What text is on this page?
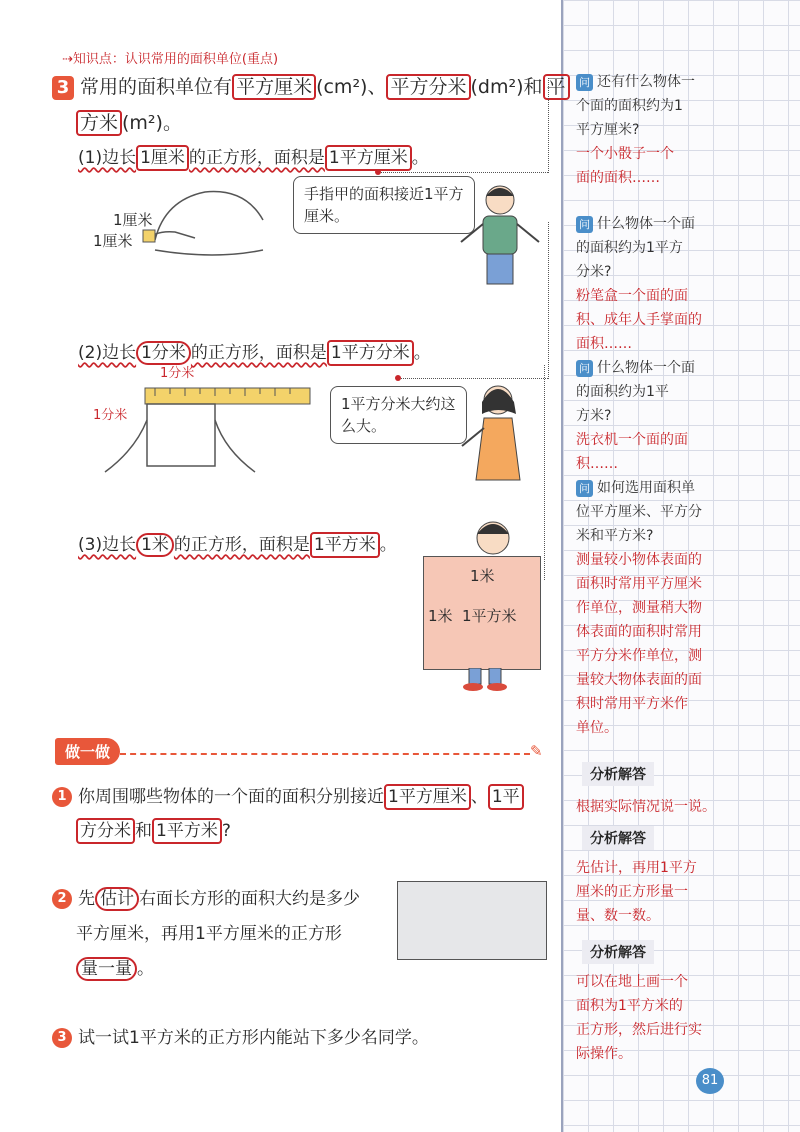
⇢知识点：认识常用的面积单位(重点)
3 常用的面积单位有 平方厘米 (cm²)、 平方分米 (dm²)和 平
方米 (m²)。
(1)边长 1厘米 的正方形，面积是 1平方厘米 。
1厘米
1厘米
手指甲的面积接近1平方厘米。
(2)边长 1分米 的正方形，面积是 1平方分米 。
1分米
1分米
1平方分米大约这么大。
(3)边长 1米 的正方形，面积是 1平方米 。
1米
1米 1平方米
做一做	✎
1 你周围哪些物体的一个面的面积分别接近 1平方厘米 、 1平
方分米 和 1平方米 ?
2 先 估计 右面长方形的面积大约是多少
平方厘米，再用1平方厘米的正方形
量一量 。
3 试一试1平方米的正方形内能站下多少名同学。
问 还有什么物体一
个面的面积约为1
平方厘米?
一个小骰子一个
面的面积……
问 什么物体一个面
的面积约为1平方
分米?
粉笔盒一个面的面
积、成年人手掌面的
面积……
问 什么物体一个面
的面积约为1平
方米?
洗衣机一个面的面
积……
问 如何选用面积单
位平方厘米、平方分
米和平方米?
测量较小物体表面的
面积时常用平方厘米
作单位，测量稍大物
体表面的面积时常用
平方分米作单位，测
量较大物体表面的面
积时常用平方米作
单位。
分析解答
根据实际情况说一说。
分析解答
先估计，再用1平方
厘米的正方形量一
量、数一数。
分析解答
可以在地上画一个
面积为1平方米的
正方形，然后进行实
际操作。
81
